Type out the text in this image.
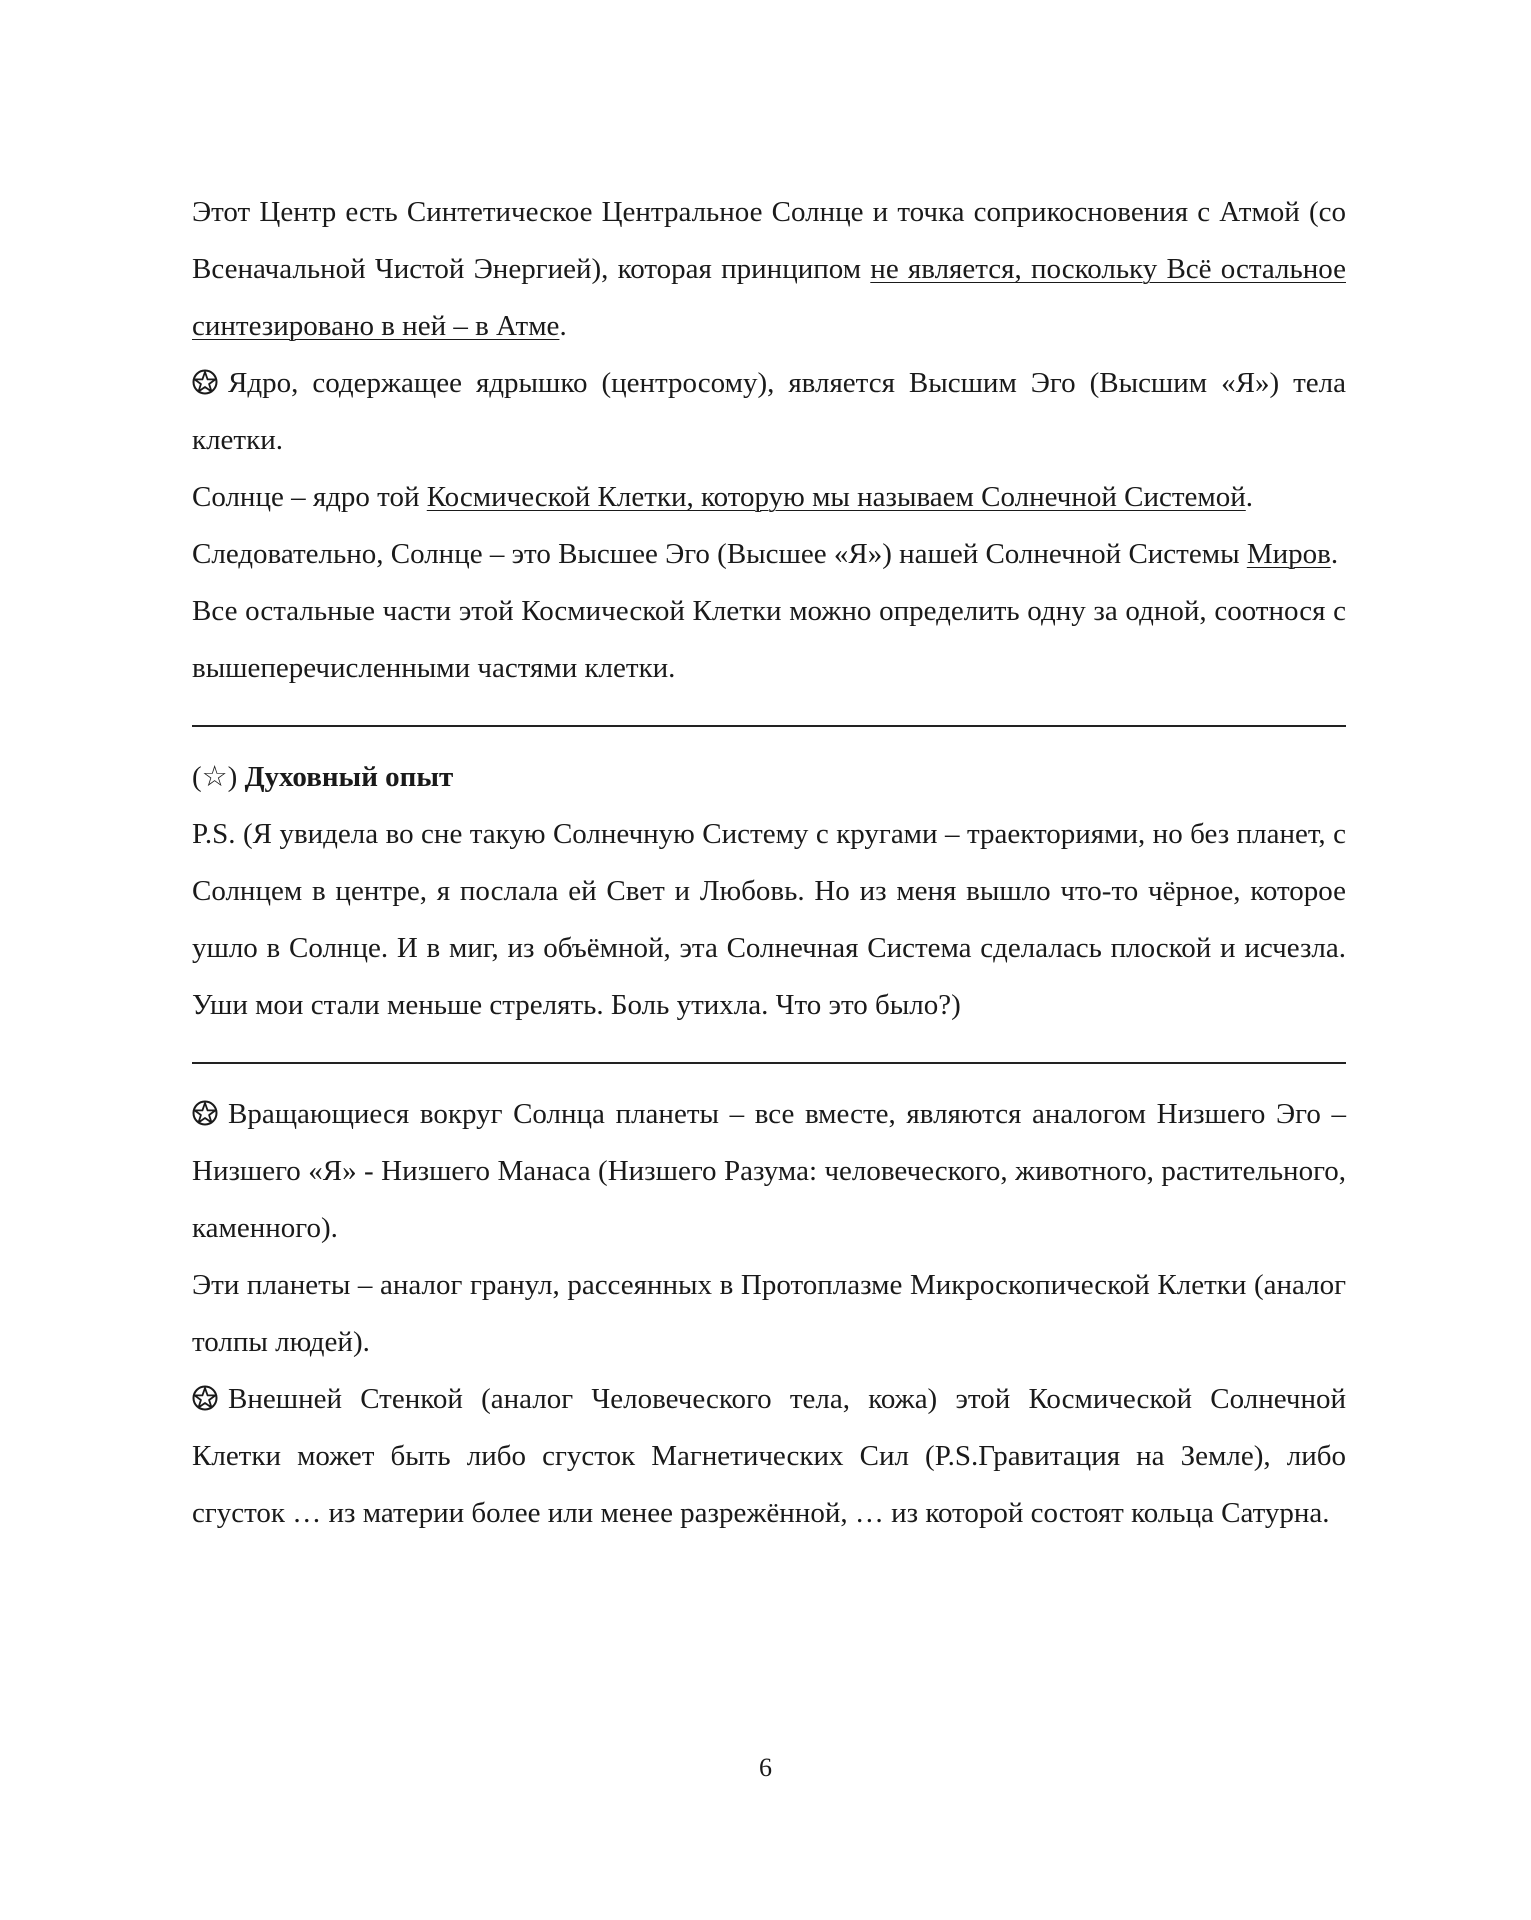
Этот Центр есть Синтетическое Центральное Солнце и точка соприкосновения с Атмой (со Всеначальной Чистой Энергией), которая принципом не является, поскольку Всё остальное синтезировано в ней – в Атме.

Ядро, содержащее ядрышко (центросому), является Высшим Эго (Высшим «Я») тела клетки.

Солнце – ядро той Космической Клетки, которую мы называем Солнечной Системой.

Следовательно, Солнце – это Высшее Эго (Высшее «Я») нашей Солнечной Системы Миров.

Все остальные части этой Космической Клетки можно определить одну за одной, соотнося с вышеперечисленными частями клетки.

(☆) Духовный опыт

P.S. (Я увидела во сне такую Солнечную Систему с кругами – траекториями, но без планет, с Солнцем в центре, я послала ей Свет и Любовь. Но из меня вышло что-то чёрное, которое ушло в Солнце. И в миг, из объёмной, эта Солнечная Система сделалась плоской и исчезла. Уши мои стали меньше стрелять. Боль утихла. Что это было?)

Вращающиеся вокруг Солнца планеты – все вместе, являются аналогом Низшего Эго – Низшего «Я» - Низшего Манаса (Низшего Разума: человеческого, животного, растительного, каменного).

Эти планеты – аналог гранул, рассеянных в Протоплазме Микроскопической Клетки (аналог толпы людей).

Внешней Стенкой (аналог Человеческого тела, кожа) этой Космической Солнечной Клетки может быть либо сгусток Магнетических Сил (P.S.Гравитация на Земле), либо сгусток … из материи более или менее разрежённой, … из которой состоят кольца Сатурна.

6
